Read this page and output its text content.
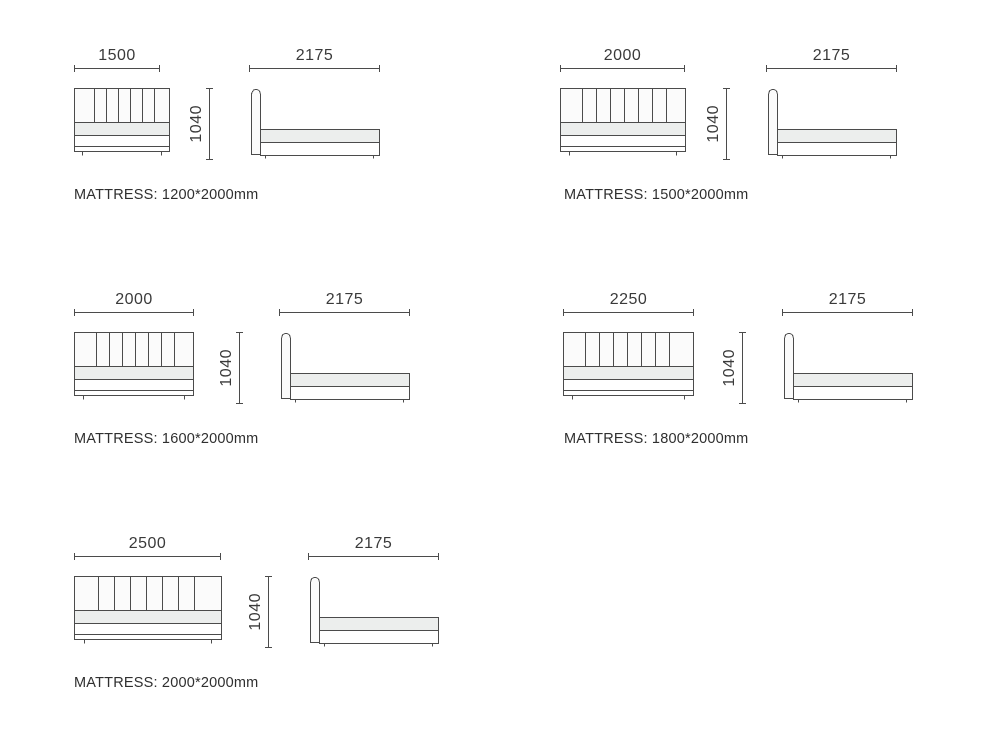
1500	2175
1040
MATTRESS: 1200*2000mm
2000	2175
1040
MATTRESS: 1500*2000mm
2000	2175
1040
MATTRESS: 1600*2000mm
2250	2175
1040
MATTRESS: 1800*2000mm
2500	2175
1040
MATTRESS: 2000*2000mm
